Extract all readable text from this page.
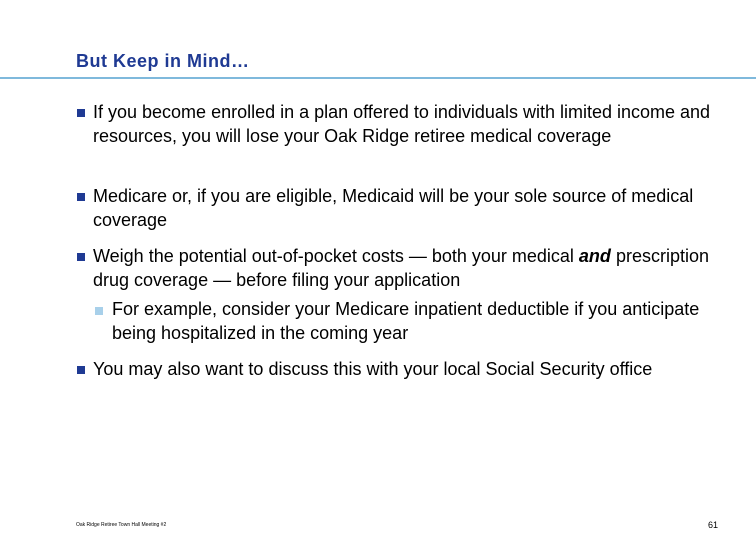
But Keep in Mind…
If you become enrolled in a plan offered to individuals with limited income and resources, you will lose your Oak Ridge retiree medical coverage
Medicare or, if you are eligible, Medicaid will be your sole source of medical coverage
Weigh the potential out-of-pocket costs — both your medical and prescription drug coverage — before filing your application
For example, consider your Medicare inpatient deductible if you anticipate being hospitalized in the coming year
You may also want to discuss this with your local Social Security office
Oak Ridge Retiree Town Hall Meeting #2	61
